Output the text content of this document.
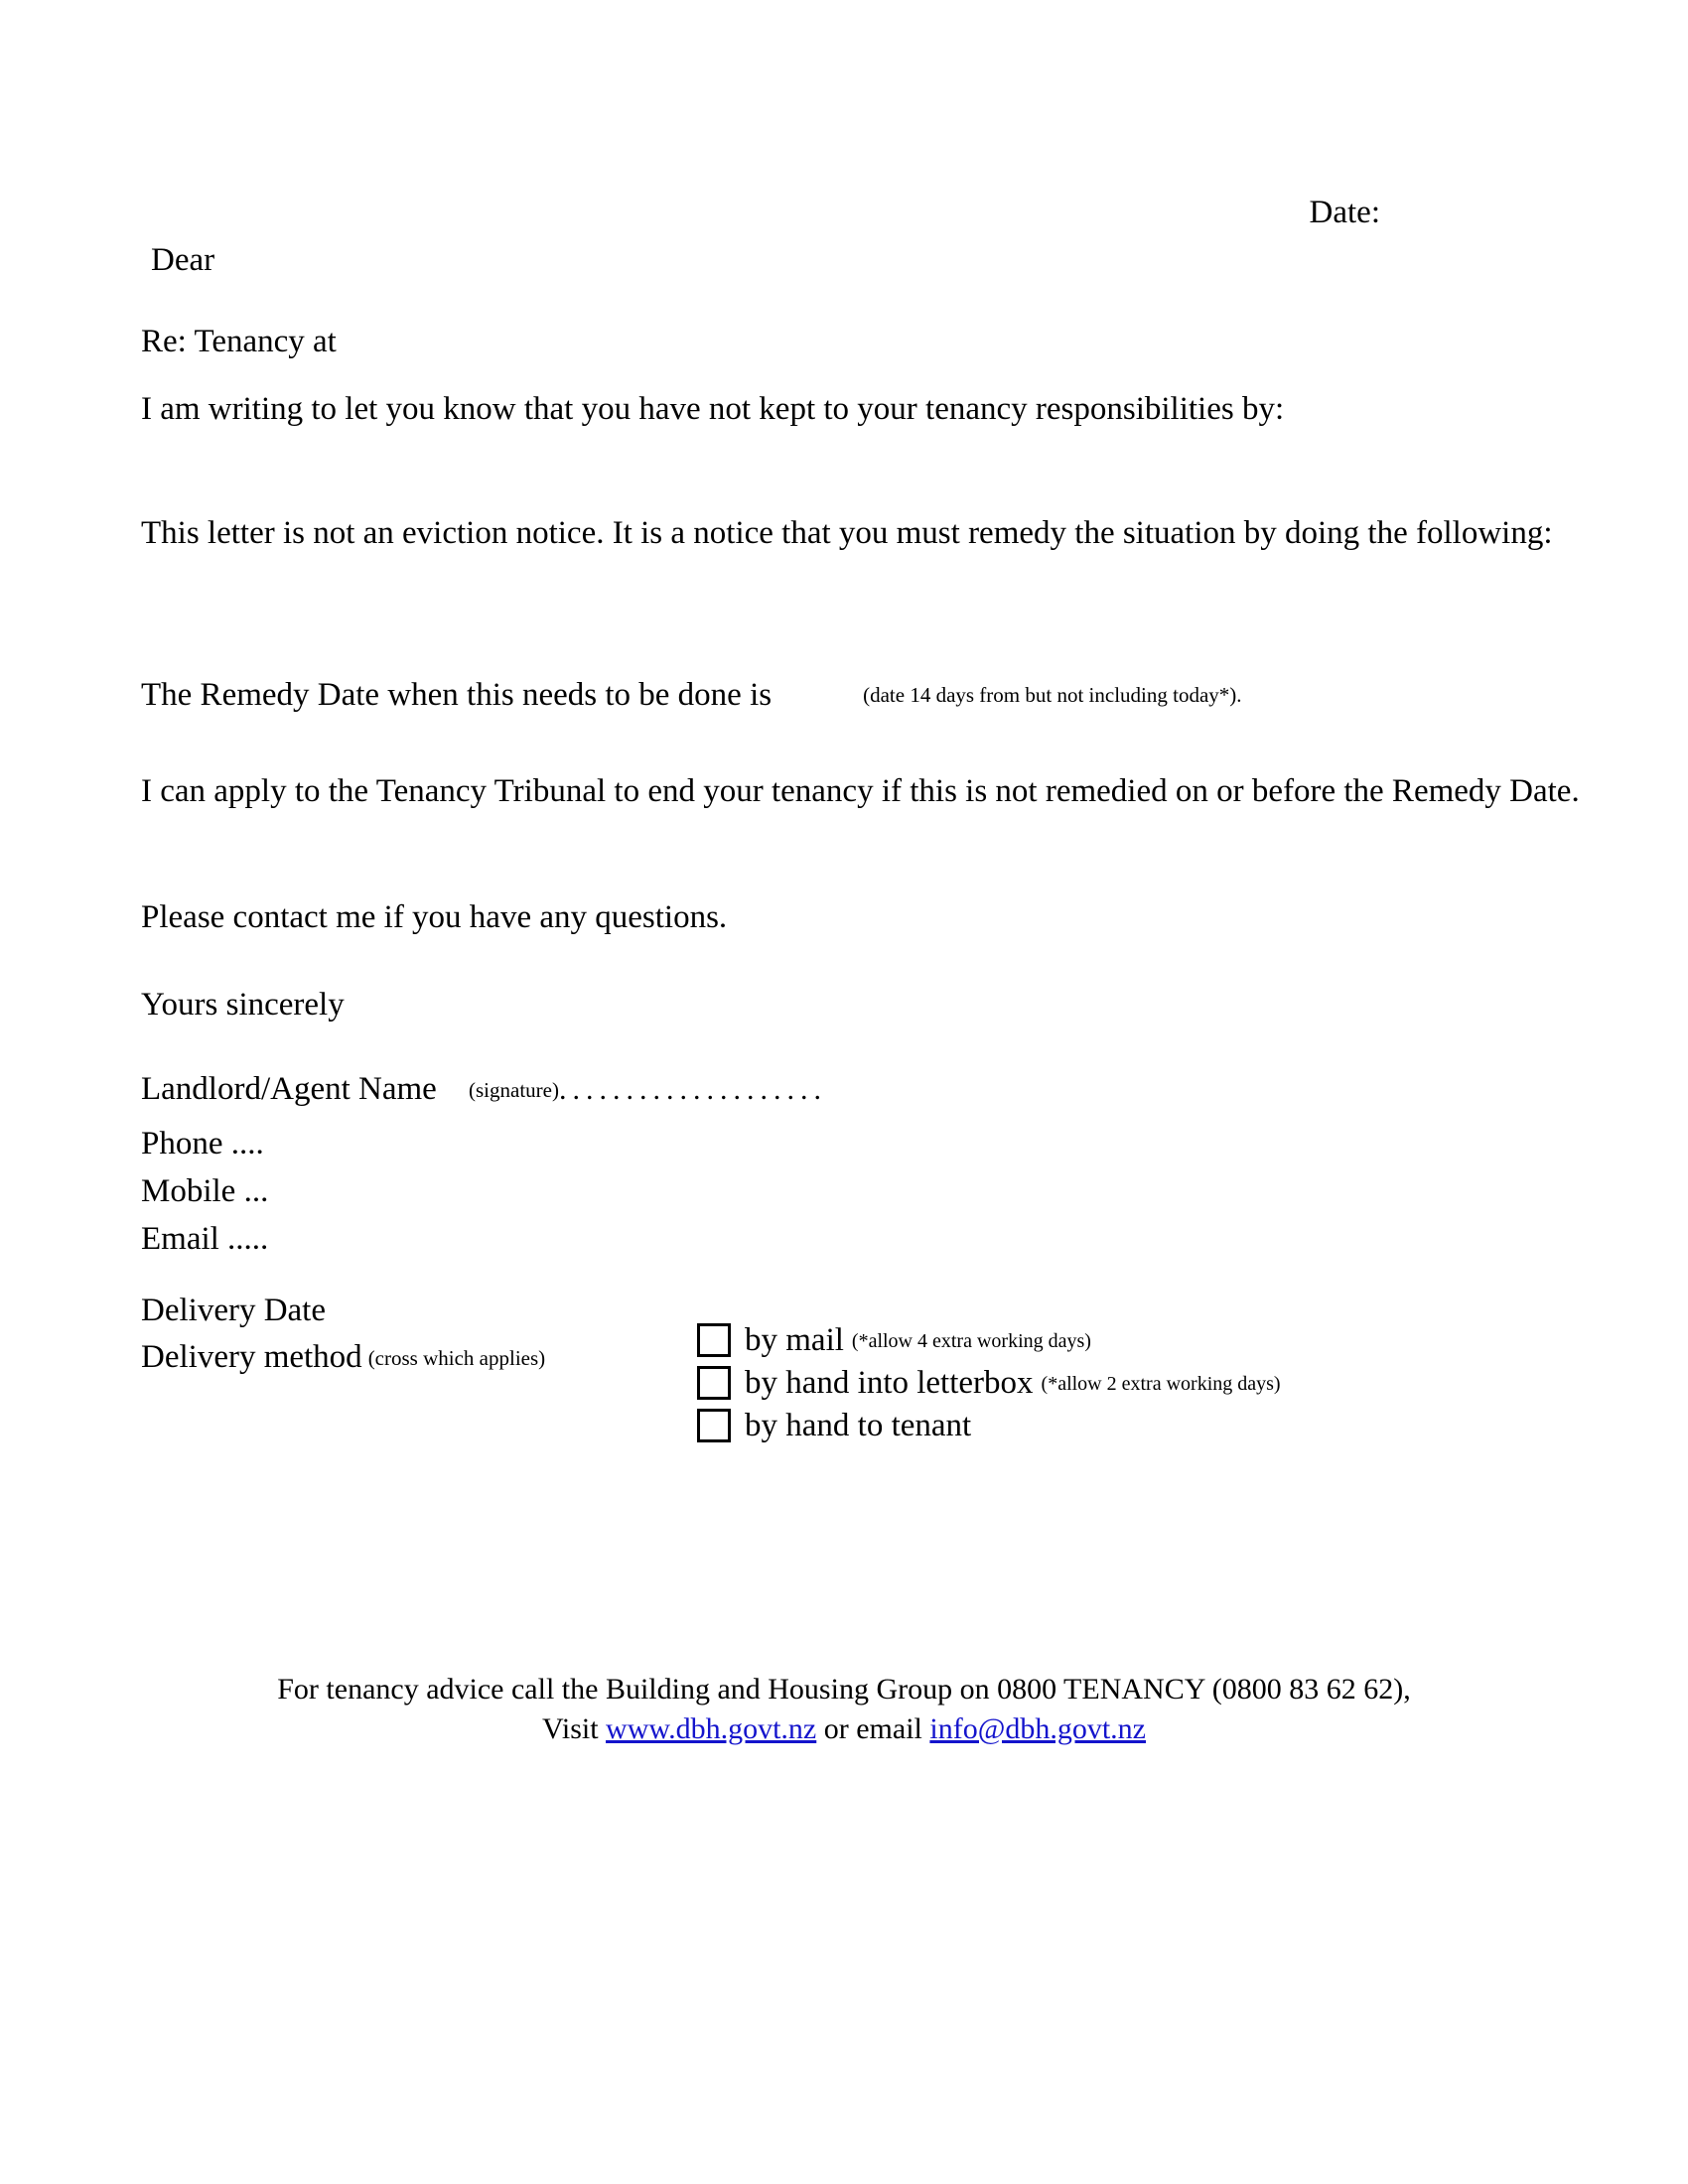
Date:
Dear
Re: Tenancy at
I am writing to let you know that you have not kept to your tenancy responsibilities by:
This letter is not an eviction notice. It is a notice that you must remedy the situation by doing the following:
The Remedy Date when this needs to be done is	(date 14 days from but not including today*).
I can apply to the Tenancy Tribunal to end your tenancy if this is not remedied on or before the Remedy Date.
Please contact me if you have any questions.
Yours sincerely
Landlord/Agent Name (signature)....................
Phone ....
Mobile ...
Email .....
Delivery Date
Delivery method (cross which applies)
by mail (*allow 4 extra working days)
by hand into letterbox (*allow 2 extra working days)
by hand to tenant
For tenancy advice call the Building and Housing Group on 0800 TENANCY (0800 83 62 62),
Visit www.dbh.govt.nz or email info@dbh.govt.nz
